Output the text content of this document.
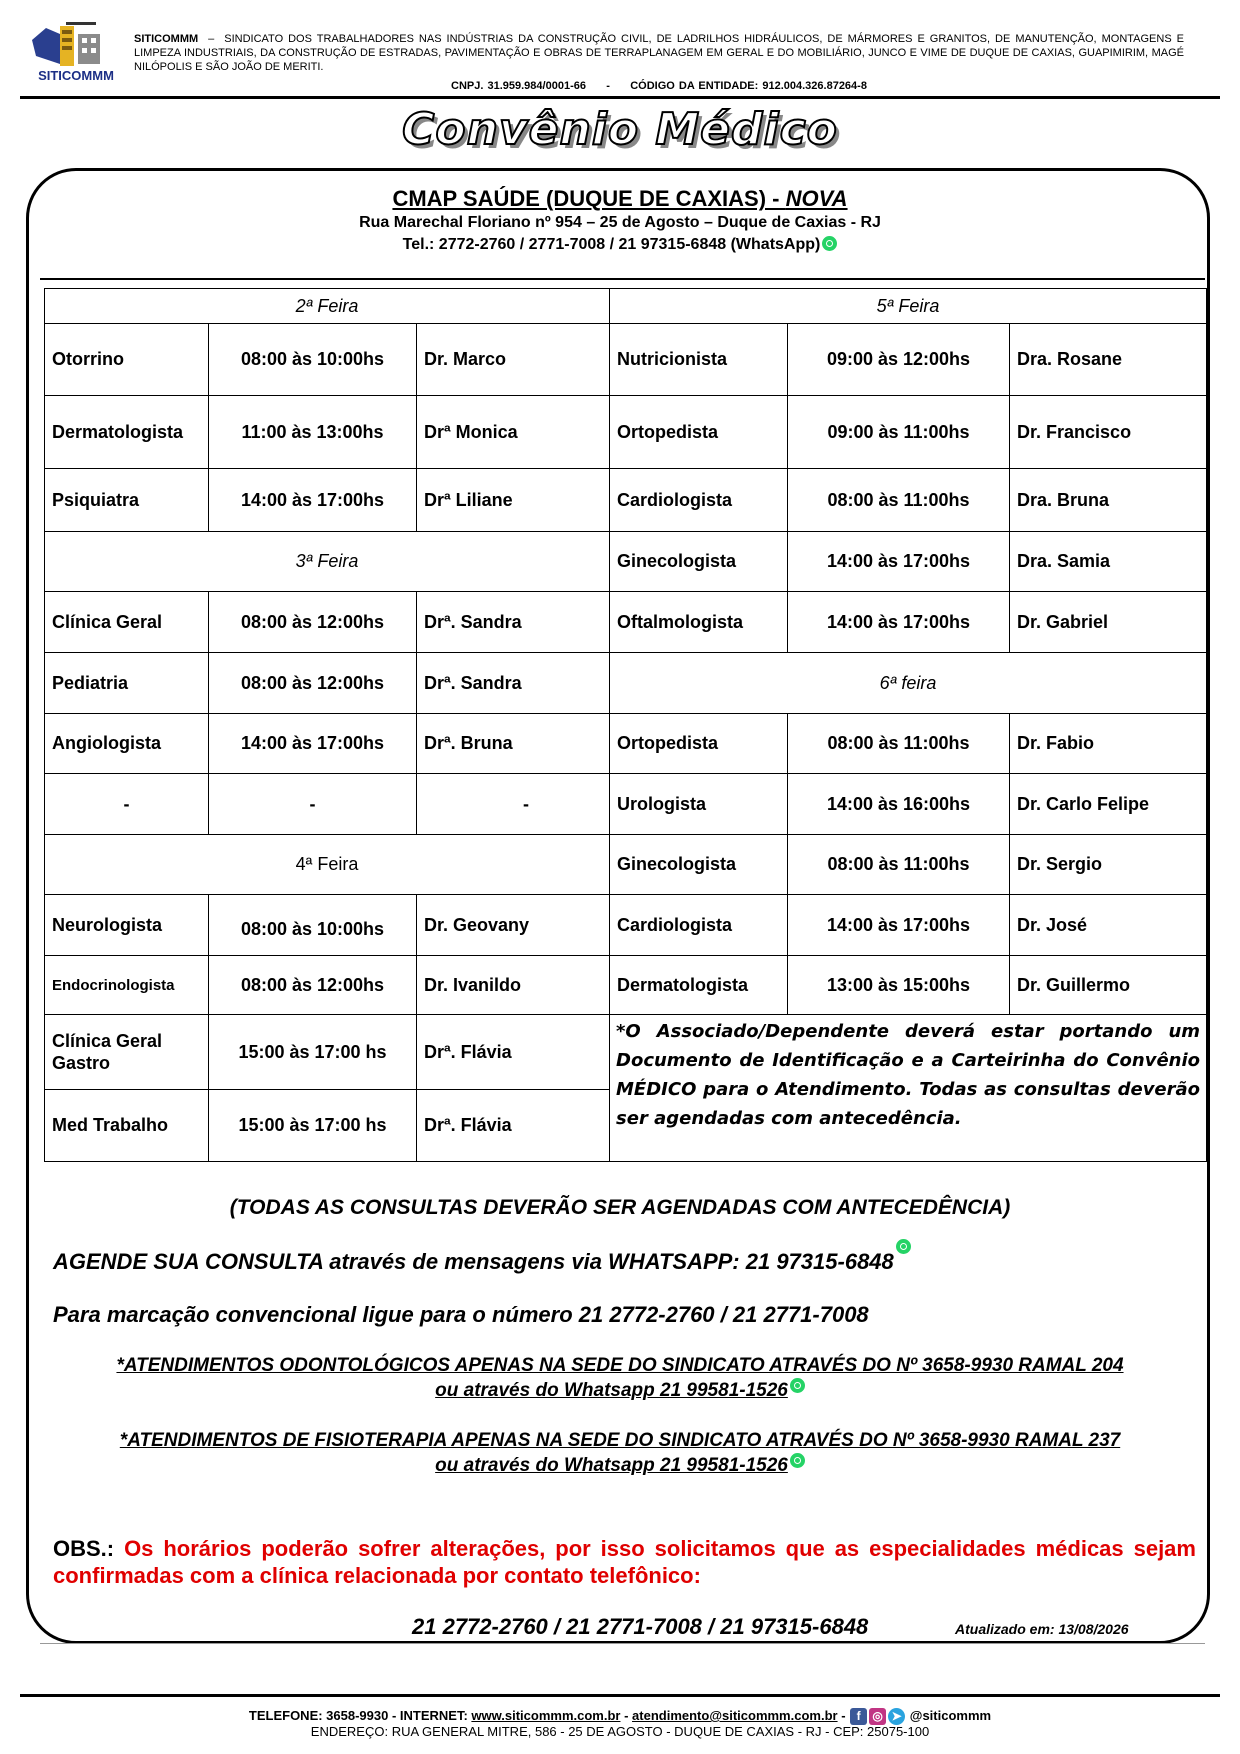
SITICOMMM
SITICOMMM  –  SINDICATO DOS TRABALHADORES NAS INDÚSTRIAS DA CONSTRUÇÃO CIVIL, DE LADRILHOS HIDRÁULICOS, DE MÁRMORES E GRANITOS, DE MANUTENÇÃO, MONTAGENS E LIMPEZA INDUSTRIAIS, DA CONSTRUÇÃO DE ESTRADAS, PAVIMENTAÇÃO E OBRAS DE TERRAPLANAGEM EM GERAL E DO MOBILIÁRIO, JUNCO E VIME DE DUQUE DE CAXIAS, GUAPIMIRIM, MAGÉ NILÓPOLIS E SÃO JOÃO DE MERITI.
CNPJ. 31.959.984/0001-66     -     CÓDIGO DA ENTIDADE: 912.004.326.87264-8
Convênio Médico
CMAP SAÚDE (DUQUE DE CAXIAS) - NOVA
Rua Marechal Floriano nº 954 – 25 de Agosto – Duque de Caxias - RJ
Tel.: 2772-2760 / 2771-7008 / 21 97315-6848 (WhatsApp)
2ª Feira			5ª Feira		
Otorrino	08:00 às 10:00hs	Dr. Marco	Nutricionista	09:00 às 12:00hs	Dra. Rosane
Dermatologista	11:00 às 13:00hs	Drª Monica	Ortopedista	09:00 às 11:00hs	Dr. Francisco
Psiquiatra	14:00 às 17:00hs	Drª Liliane	Cardiologista	08:00 às 11:00hs	Dra. Bruna
3ª Feira			Ginecologista	14:00 às 17:00hs	Dra. Samia
Clínica Geral	08:00 às 12:00hs	Drª. Sandra	Oftalmologista	14:00 às 17:00hs	Dr. Gabriel
Pediatria	08:00 às 12:00hs	Drª. Sandra	6ª feira		
Angiologista	14:00 às 17:00hs	Drª. Bruna	Ortopedista	08:00 às 11:00hs	Dr. Fabio
-	-	-	Urologista	14:00 às 16:00hs	Dr. Carlo Felipe
4ª Feira			Ginecologista	08:00 às 11:00hs	Dr. Sergio
Neurologista	08:00 às 10:00hs	Dr. Geovany	Cardiologista	14:00 às 17:00hs	Dr. José
Endocrinologista	08:00 às 12:00hs	Dr. Ivanildo	Dermatologista	13:00 às 15:00hs	Dr. Guillermo
Clínica Geral Gastro	15:00 às 17:00 hs	Drª. Flávia	*O Associado/Dependente deverá estar portando um Documento de Identificação e a Carteirinha do Convênio MÉDICO para o Atendimento. Todas as consultas deverão ser agendadas com antecedência.		
Med Trabalho	15:00 às 17:00 hs	Drª. Flávia			
(TODAS AS CONSULTAS DEVERÃO SER AGENDADAS COM ANTECEDÊNCIA)
AGENDE SUA CONSULTA através de mensagens via WHATSAPP: 21 97315-6848
Para marcação convencional ligue para o número 21 2772-2760 / 21 2771-7008
*ATENDIMENTOS ODONTOLÓGICOS APENAS NA SEDE DO SINDICATO ATRAVÉS DO Nº 3658-9930 RAMAL 204
ou através do Whatsapp 21 99581-1526
*ATENDIMENTOS DE FISIOTERAPIA APENAS NA SEDE DO SINDICATO ATRAVÉS DO Nº 3658-9930 RAMAL 237
ou através do Whatsapp 21 99581-1526
OBS.: Os horários poderão sofrer alterações, por isso solicitamos que as especialidades médicas sejam confirmadas com a clínica relacionada por contato telefônico:
21 2772-2760 / 21 2771-7008 / 21 97315-6848	Atualizado em: 13/08/2026
TELEFONE: 3658-9930 - INTERNET: www.siticommm.com.br - atendimento@siticommm.com.br - f ◎ ➤ @siticommm
ENDEREÇO: RUA GENERAL MITRE, 586 - 25 DE AGOSTO - DUQUE DE CAXIAS - RJ - CEP: 25075-100
